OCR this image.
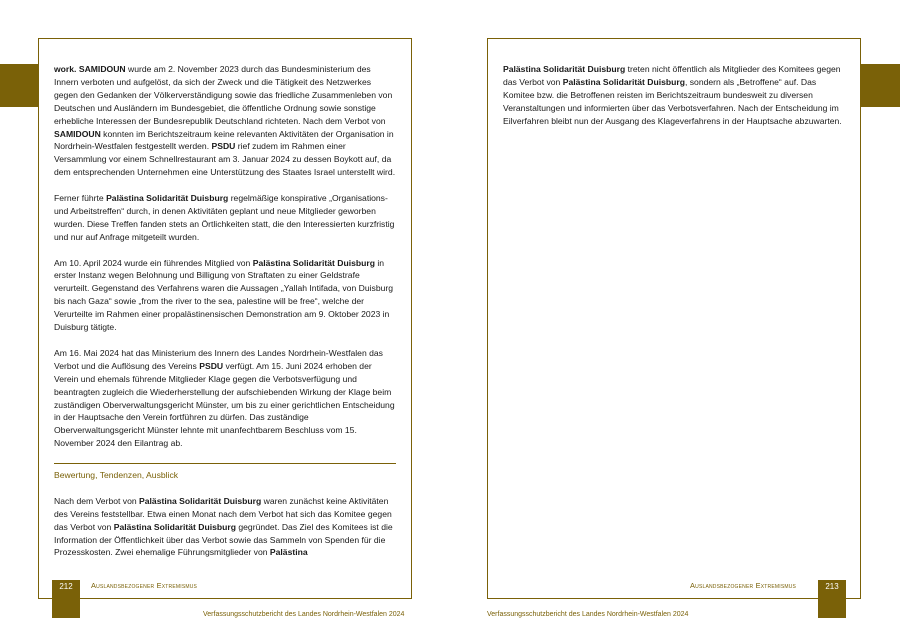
work. SAMIDOUN wurde am 2. November 2023 durch das Bundesministerium des Innern verboten und aufgelöst, da sich der Zweck und die Tätigkeit des Netzwerkes gegen den Gedanken der Völkerverständigung sowie das friedliche Zusammenleben von Deutschen und Ausländern im Bundesgebiet, die öffentliche Ordnung sowie sonstige erhebliche Interessen der Bundesrepublik Deutschland richteten. Nach dem Verbot von SAMIDOUN konnten im Berichtszeitraum keine relevanten Aktivitäten der Organisation in Nordrhein-Westfalen festgestellt werden. PSDU rief zudem im Rahmen einer Versammlung vor einem Schnellrestaurant am 3. Januar 2024 zu dessen Boykott auf, da dem entsprechenden Unternehmen eine Unterstützung des Staates Israel unterstellt wird.

Ferner führte Palästina Solidarität Duisburg regelmäßige konspirative „Organisations- und Arbeitstreffen“ durch, in denen Aktivitäten geplant und neue Mitglieder geworben wurden. Diese Treffen fanden stets an Örtlichkeiten statt, die den Interessierten kurzfristig und nur auf Anfrage mitgeteilt wurden.

Am 10. April 2024 wurde ein führendes Mitglied von Palästina Solidarität Duisburg in erster Instanz wegen Belohnung und Billigung von Straftaten zu einer Geldstrafe verurteilt. Gegenstand des Verfahrens waren die Aussagen „Yallah Intifada, von Duisburg bis nach Gaza“ sowie „from the river to the sea, palestine will be free“, welche der Verurteilte im Rahmen einer propalästinensischen Demonstration am 9. Oktober 2023 in Duisburg tätigte.

Am 16. Mai 2024 hat das Ministerium des Innern des Landes Nordrhein-Westfalen das Verbot und die Auflösung des Vereins PSDU verfügt. Am 15. Juni 2024 erhoben der Verein und ehemals führende Mitglieder Klage gegen die Verbotsverfügung und beantragten zugleich die Wiederherstellung der aufschiebenden Wirkung der Klage beim zuständigen Oberverwaltungsgericht Münster, um bis zu einer gerichtlichen Entscheidung in der Hauptsache den Verein fortführen zu dürfen. Das zuständige Oberverwaltungsgericht Münster lehnte mit unanfechtbarem Beschluss vom 15. November 2024 den Eilantrag ab.

Bewertung, Tendenzen, Ausblick

Nach dem Verbot von Palästina Solidarität Duisburg waren zunächst keine Aktivitäten des Vereins feststellbar. Etwa einen Monat nach dem Verbot hat sich das Komitee gegen das Verbot von Palästina Solidarität Duisburg gegründet. Das Ziel des Komitees ist die Information der Öffentlichkeit über das Verbot sowie das Sammeln von Spenden für die Prozesskosten. Zwei ehemalige Führungsmitglieder von Palästina

212	Auslandsbezogener Extremismus
Verfassungsschutzbericht des Landes Nordrhein-Westfalen 2024

Palästina Solidarität Duisburg treten nicht öffentlich als Mitglieder des Komitees gegen das Verbot von Palästina Solidarität Duisburg, sondern als „Betroffene“ auf. Das Komitee bzw. die Betroffenen reisten im Berichtszeitraum bundesweit zu diversen Veranstaltungen und informierten über das Verbotsverfahren. Nach der Entscheidung im Eilverfahren bleibt nun der Ausgang des Klageverfahrens in der Hauptsache abzuwarten.

Auslandsbezogener Extremismus	213
Verfassungsschutzbericht des Landes Nordrhein-Westfalen 2024
